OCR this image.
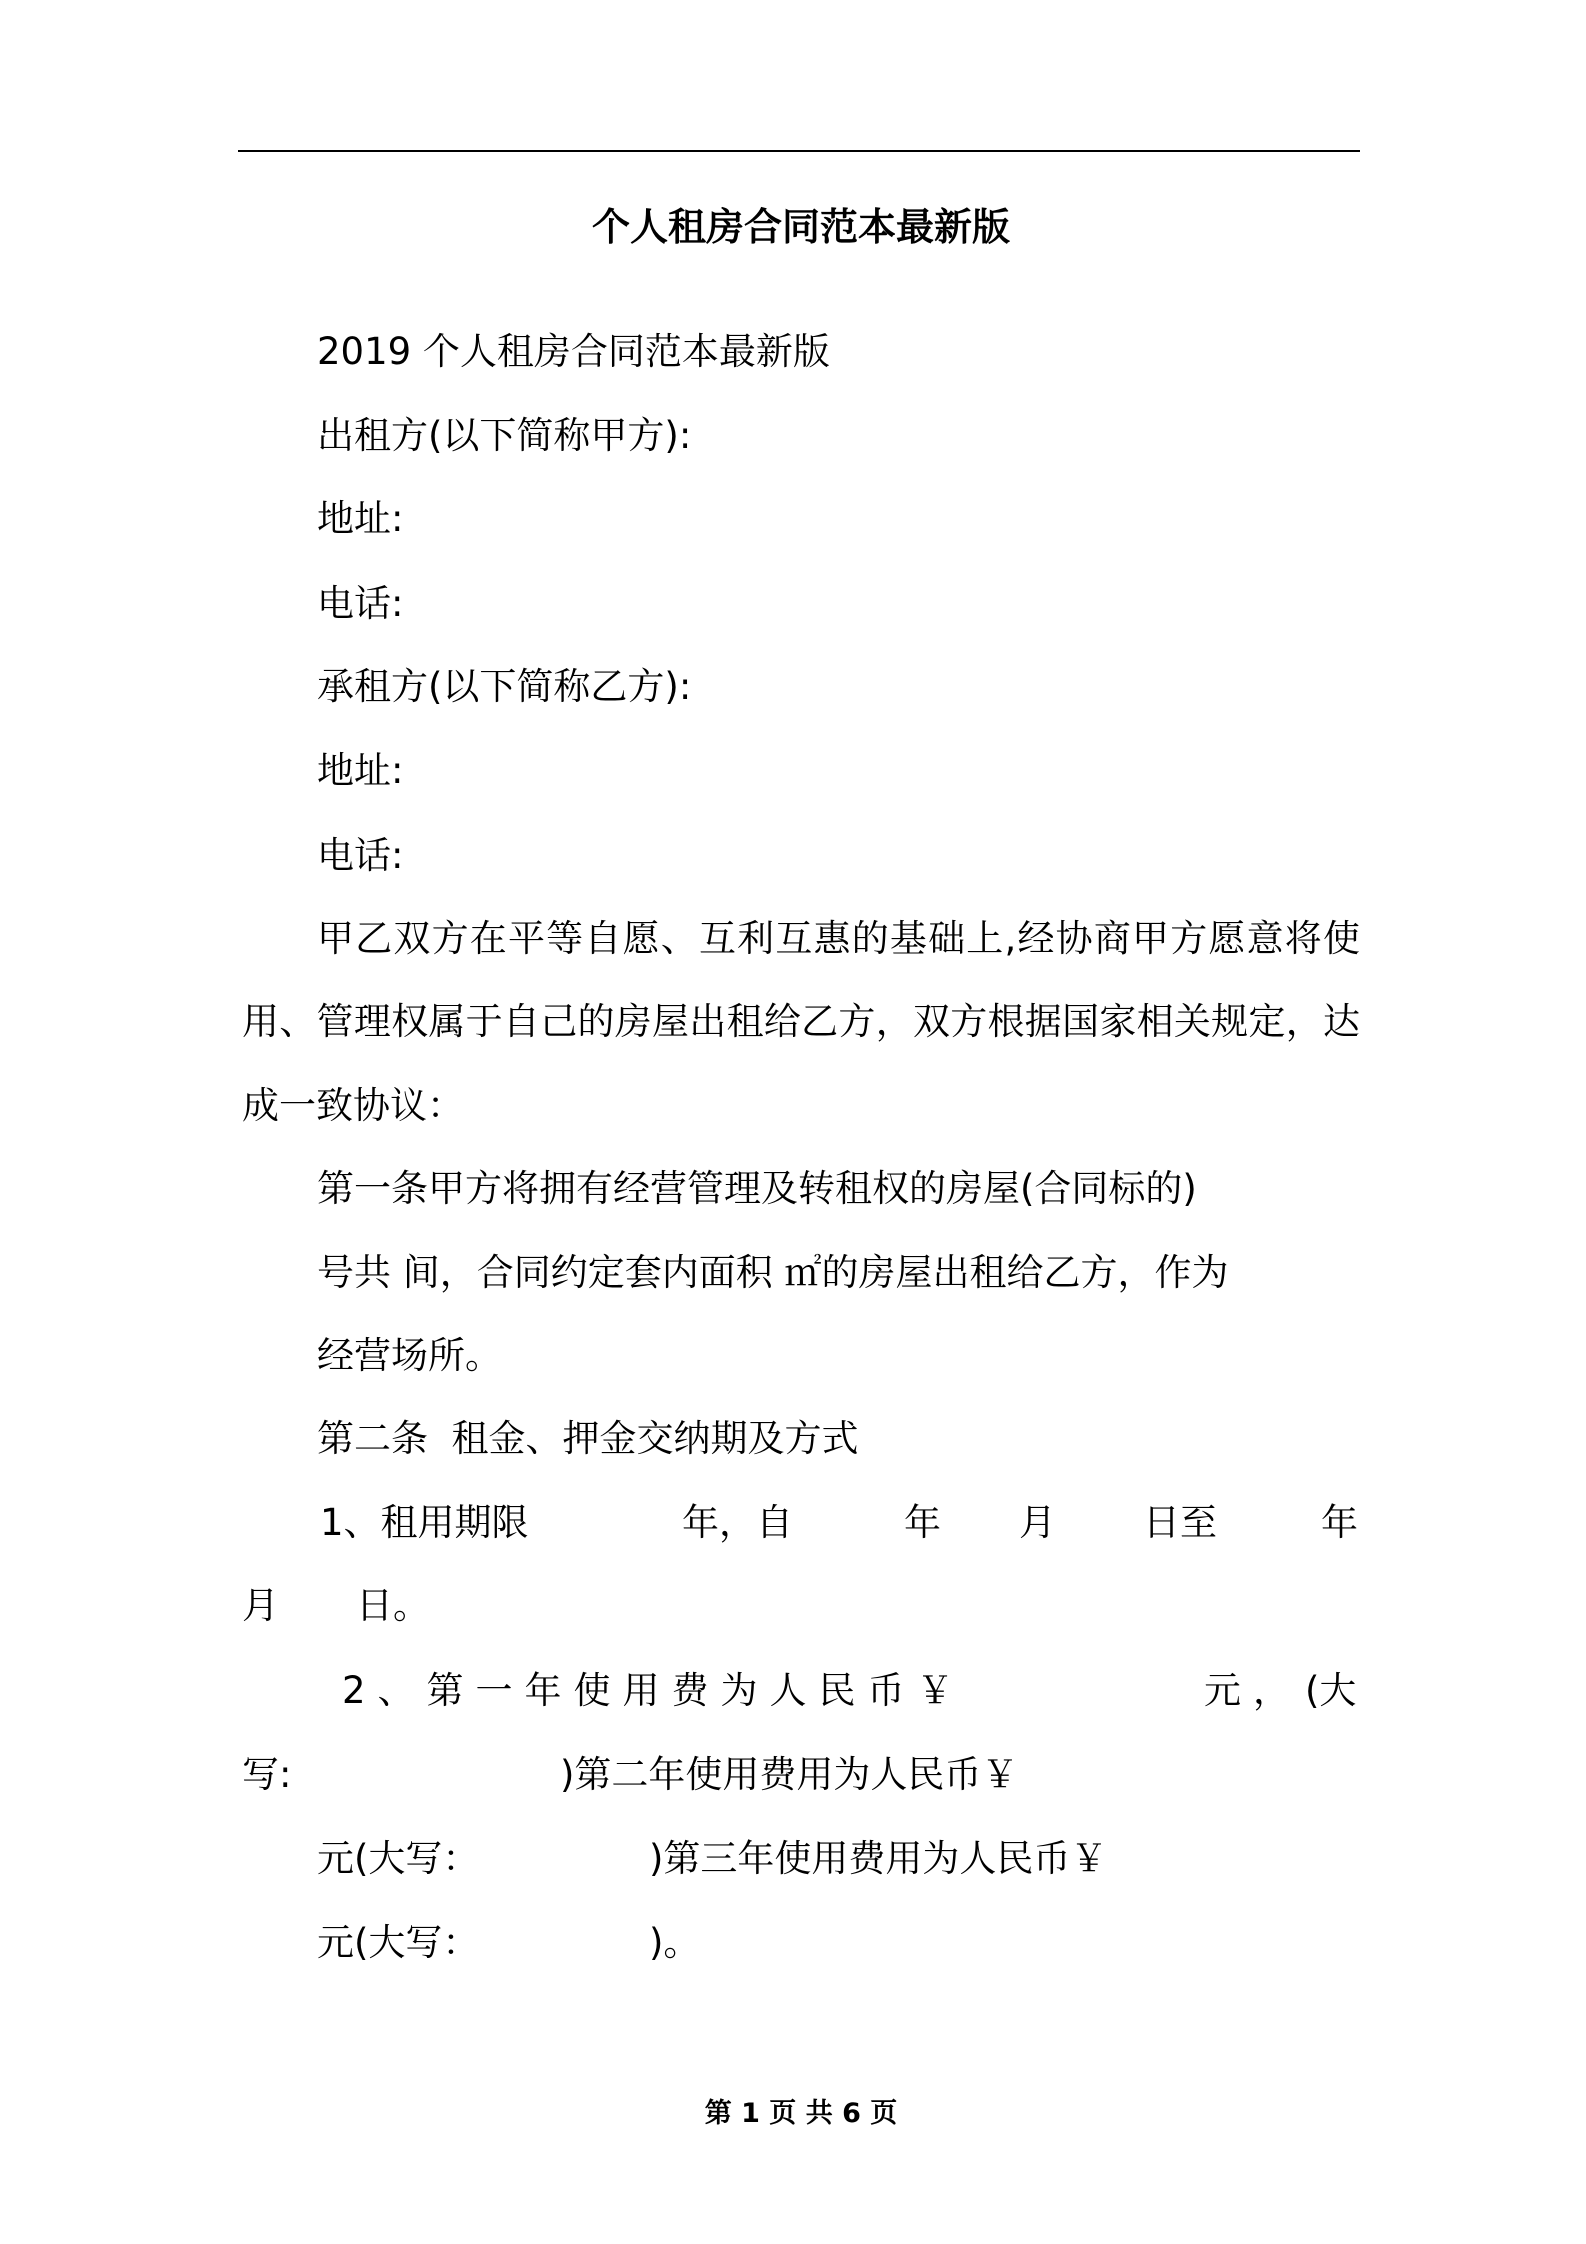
个人租房合同范本最新版
2019 个人租房合同范本最新版
出租方(以下简称甲方):
地址:
电话:
承租方(以下简称乙方):
地址:
电话:
甲乙双方在平等自愿、互利互惠的基础上,经协商甲方愿意将使
用、管理权属于自己的房屋出租给乙方，双方根据国家相关规定，达
成一致协议：
第一条甲方将拥有经营管理及转租权的房屋(合同标的)
号共 间，合同约定套内面积 ㎡的房屋出租给乙方，作为
经营场所。
第二条  租金、押金交纳期及方式
1、租用期限	年，自	年 月 日至	年
月 日。
2、第一年使用费为人民币￥	元， (大
写:	)第二年使用费用为人民币￥
元(大写：	)第三年使用费用为人民币￥
元(大写：	)。
第 1 页 共 6 页
